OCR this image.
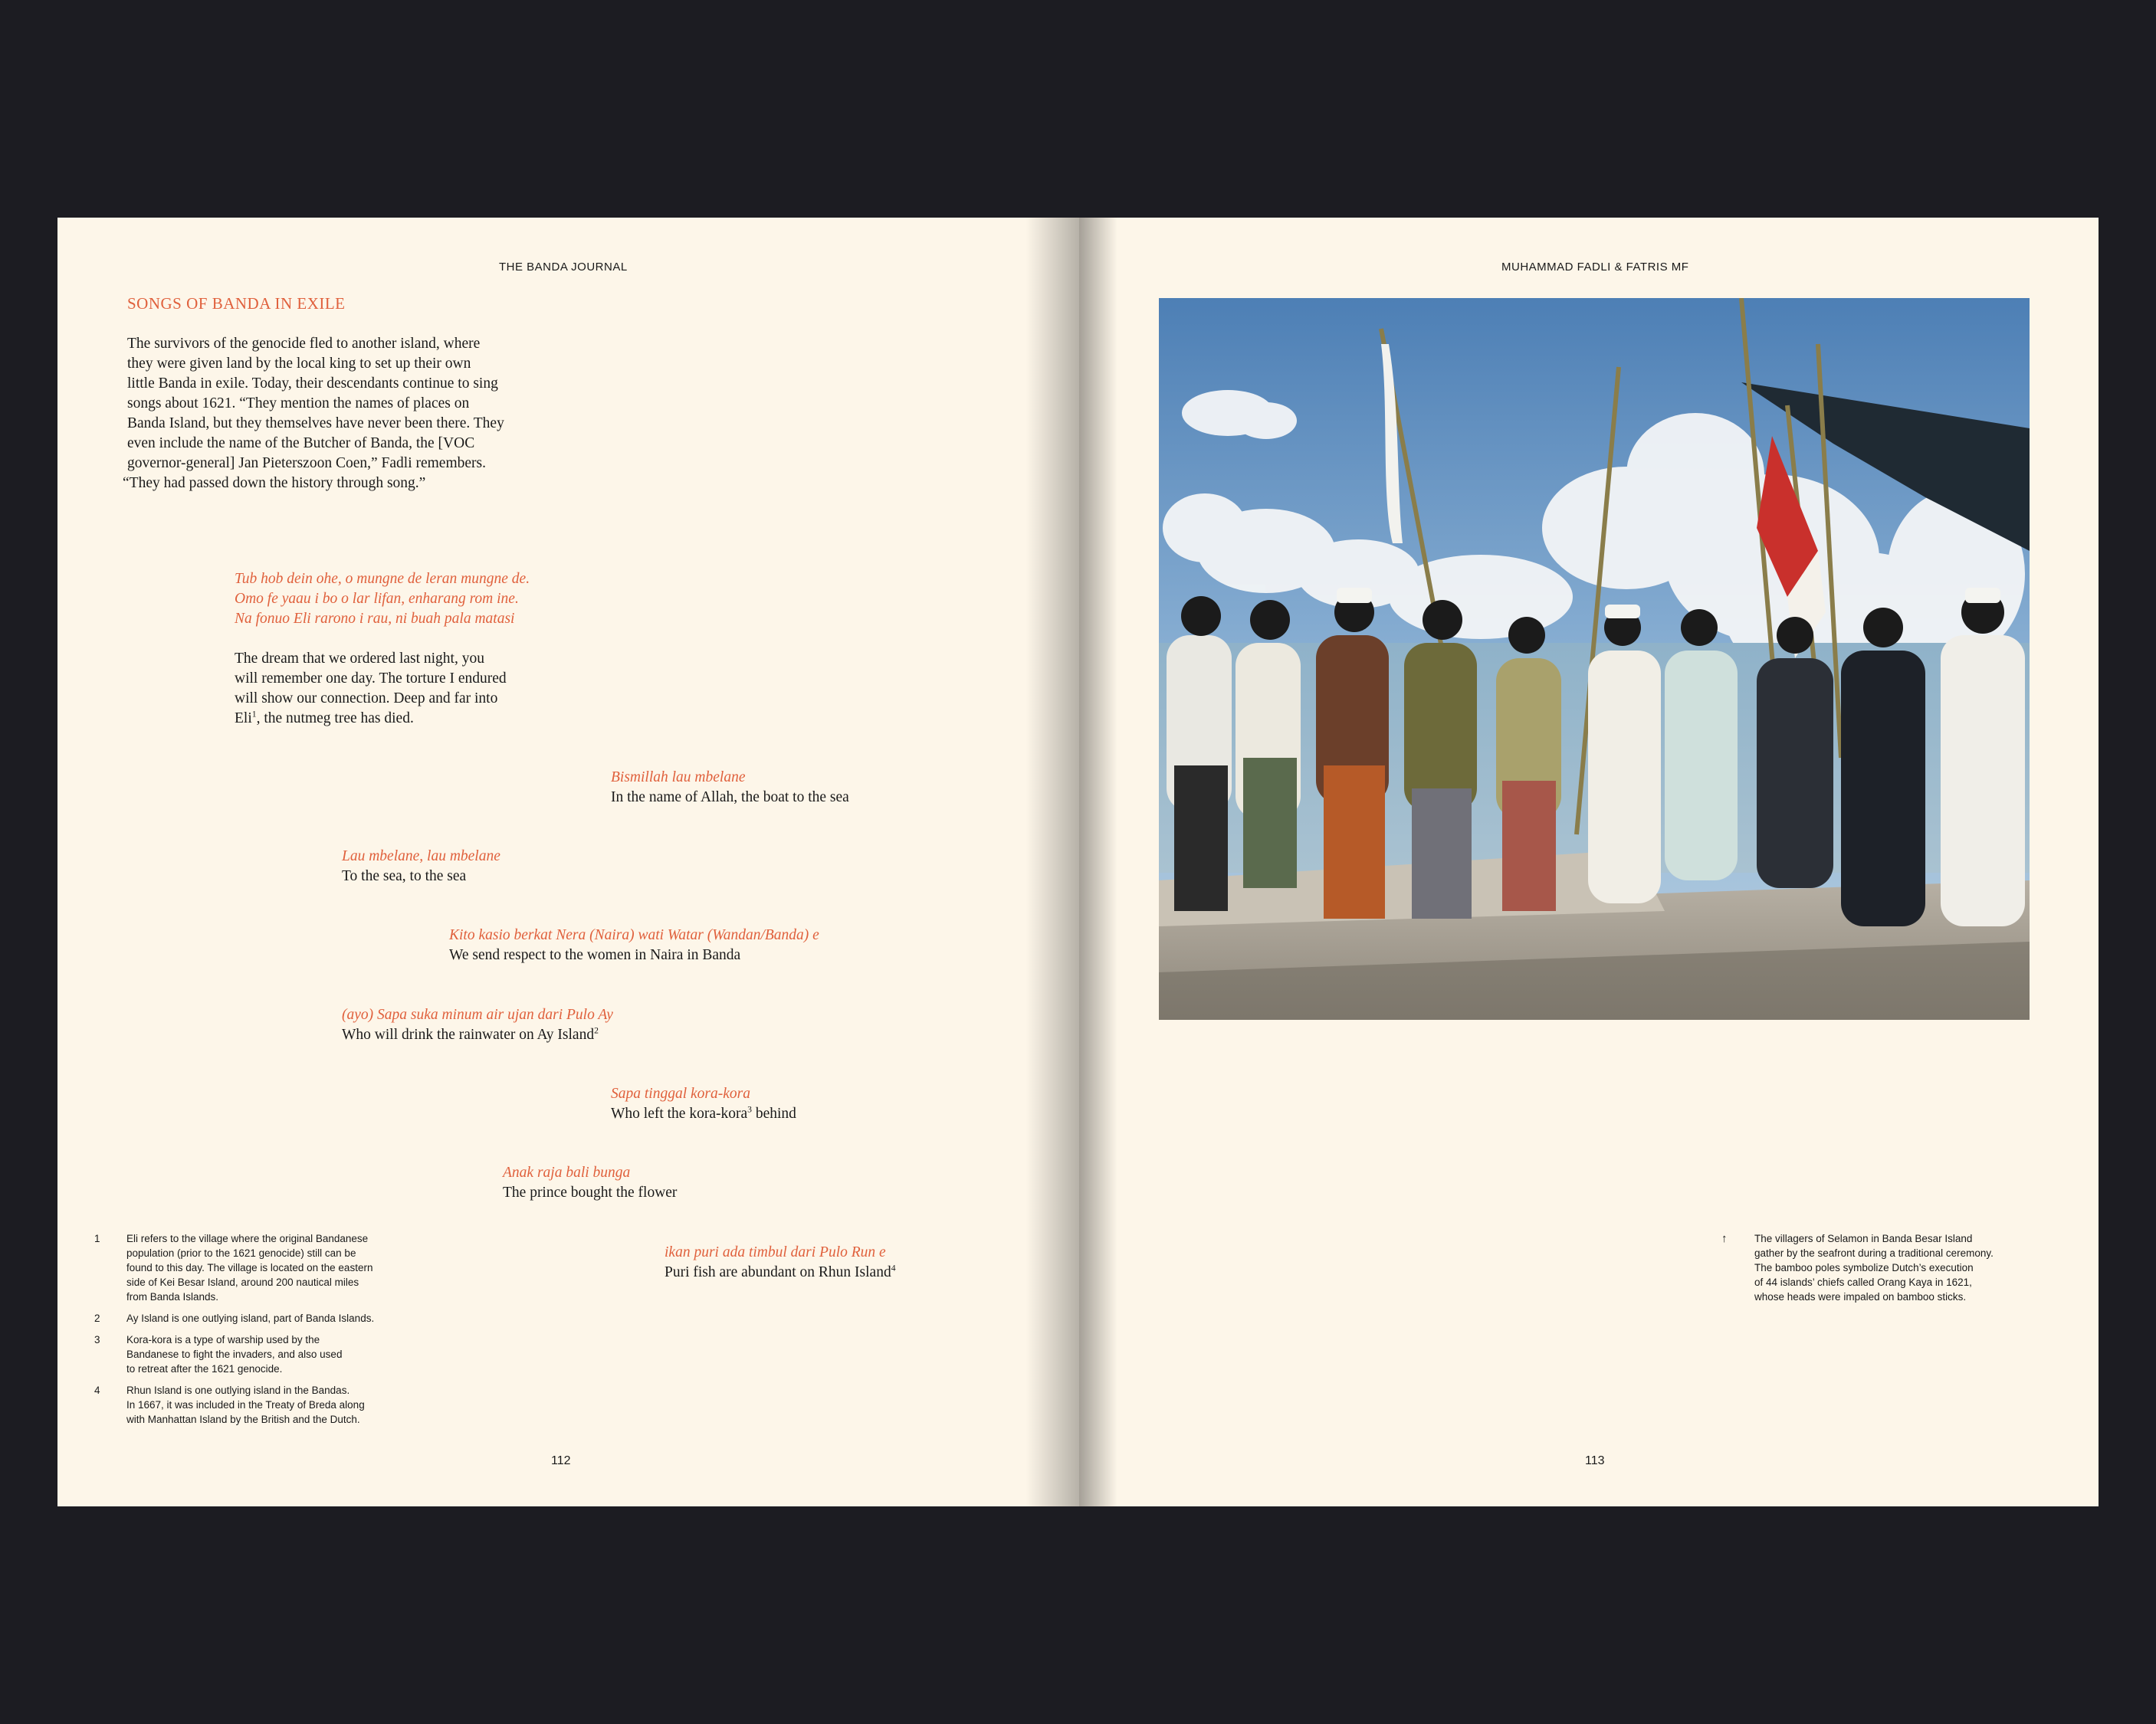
THE BANDA JOURNAL
SONGS OF BANDA IN EXILE
The survivors of the genocide fled to another island, where
they were given land by the local king to set up their own
little Banda in exile. Today, their descendants continue to sing
songs about 1621. “They mention the names of places on
Banda Island, but they themselves have never been there. They
even include the name of the Butcher of Banda, the [VOC
governor-general] Jan Pieterszoon Coen,” Fadli remembers.
“They had passed down the history through song.”
Tub hob dein ohe, o mungne de leran mungne de.
Omo fe yaau i bo o lar lifan, enharang rom ine.
Na fonuo Eli rarono i rau, ni buah pala matasi
The dream that we ordered last night, you
will remember one day. The torture I endured
will show our connection. Deep and far into
Eli$^1$, the nutmeg tree has died.
Bismillah lau mbelane
In the name of Allah, the boat to the sea
Lau mbelane, lau mbelane
To the sea, to the sea
Kito kasio berkat Nera (Naira) wati Watar (Wandan/Banda) e
We send respect to the women in Naira in Banda
(ayo) Sapa suka minum air ujan dari Pulo Ay
Who will drink the rainwater on Ay Island$^2$
Sapa tinggal kora-kora
Who left the kora-kora$^3$ behind
Anak raja bali bunga
The prince bought the flower
ikan puri ada timbul dari Pulo Run e
Puri fish are abundant on Rhun Island$^4$
1	Eli refers to the village where the original Bandanese
population (prior to the 1621 genocide) still can be
found to this day. The village is located on the eastern
side of Kei Besar Island, around 200 nautical miles
from Banda Islands.
2	Ay Island is one outlying island, part of Banda Islands.
3	Kora-kora is a type of warship used by the
Bandanese to fight the invaders, and also used
to retreat after the 1621 genocide.
4	Rhun Island is one outlying island in the Bandas.
In 1667, it was included in the Treaty of Breda along
with Manhattan Island by the British and the Dutch.
112
MUHAMMAD FADLI & FATRIS MF
↑	The villagers of Selamon in Banda Besar Island
gather by the seafront during a traditional ceremony.
The bamboo poles symbolize Dutch’s execution
of 44 islands’ chiefs called Orang Kaya in 1621,
whose heads were impaled on bamboo sticks.
113
